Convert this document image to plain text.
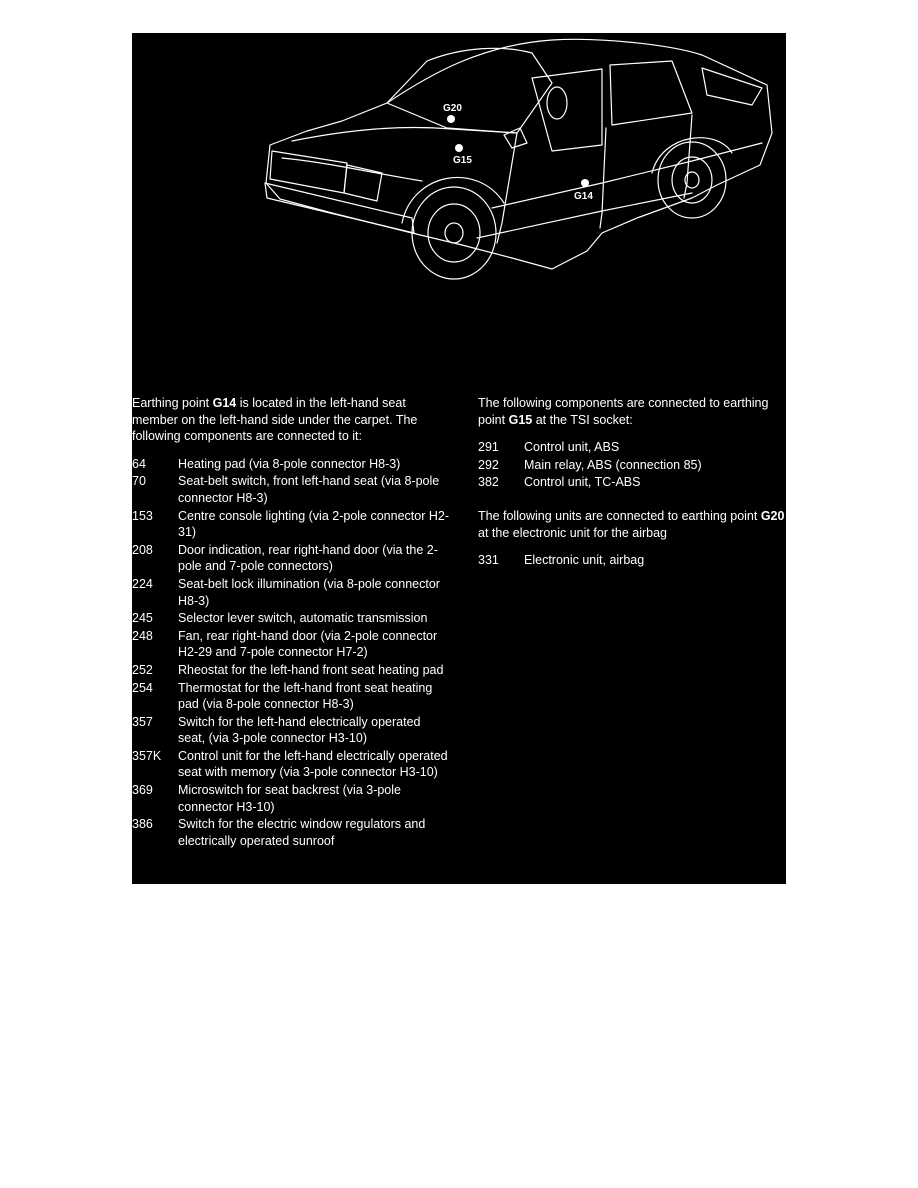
G20
G15
G14

Earthing point G14 is located in the left-hand seat member on the left-hand side under the carpet. The following components are connected to it:

64	Heating pad (via 8-pole connector H8-3)
70	Seat-belt switch, front left-hand seat (via 8-pole connector H8-3)
153	Centre console lighting (via 2-pole connector H2-31)
208	Door indication, rear right-hand door (via the 2-pole and 7-pole connectors)
224	Seat-belt lock illumination (via 8-pole connector H8-3)
245	Selector lever switch, automatic transmission
248	Fan, rear right-hand door (via 2-pole connector H2-29 and 7-pole connector H7-2)
252	Rheostat for the left-hand front seat heating pad
254	Thermostat for the left-hand front seat heating pad (via 8-pole connector H8-3)
357	Switch for the left-hand electrically operated seat, (via 3-pole connector H3-10)
357K	Control unit for the left-hand electrically operated seat with memory (via 3-pole connector H3-10)
369	Microswitch for seat backrest (via 3-pole connector H3-10)
386	Switch for the electric window regulators and electrically operated sunroof

The following components are connected to earthing point G15 at the TSI socket:

291	Control unit, ABS
292	Main relay, ABS (connection 85)
382	Control unit, TC-ABS

The following units are connected to earthing point G20 at the electronic unit for the airbag

331	Electronic unit, airbag
